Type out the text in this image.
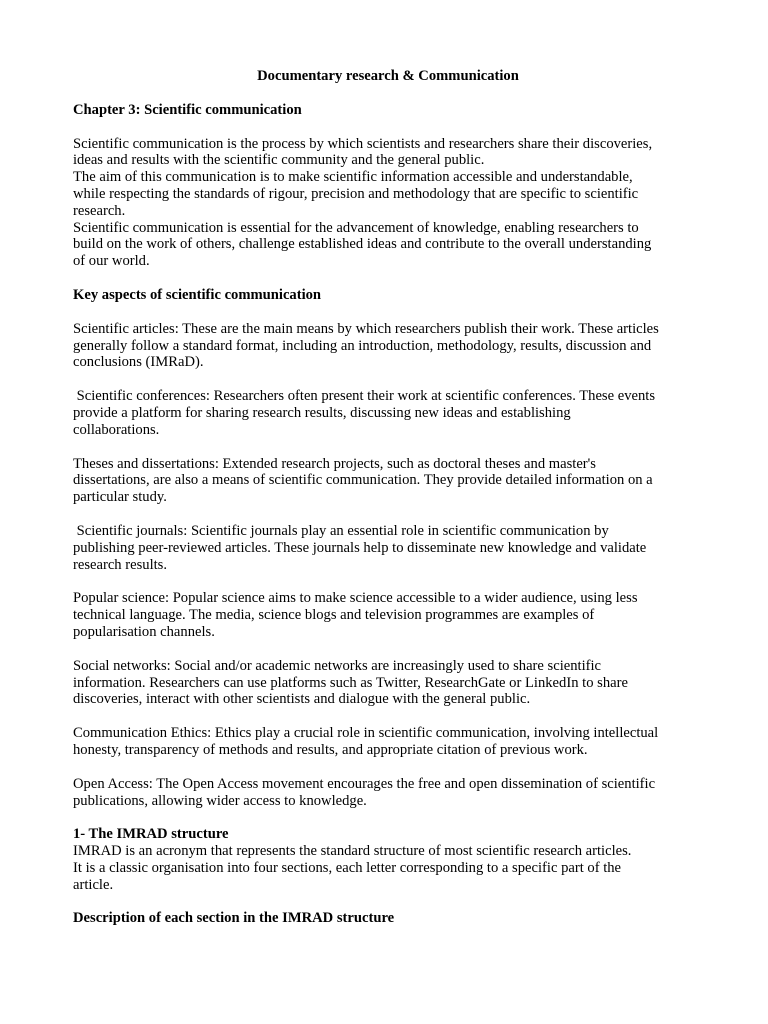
Documentary research & Communication
Chapter 3: Scientific communication
Scientific communication is the process by which scientists and researchers share their discoveries,
ideas and results with the scientific community and the general public.
The aim of this communication is to make scientific information accessible and understandable,
while respecting the standards of rigour, precision and methodology that are specific to scientific
research.
Scientific communication is essential for the advancement of knowledge, enabling researchers to
build on the work of others, challenge established ideas and contribute to the overall understanding
of our world.
Key aspects of scientific communication
Scientific articles: These are the main means by which researchers publish their work. These articles
generally follow a standard format, including an introduction, methodology, results, discussion and
conclusions (IMRaD).
Scientific conferences: Researchers often present their work at scientific conferences. These events
provide a platform for sharing research results, discussing new ideas and establishing
collaborations.
Theses and dissertations: Extended research projects, such as doctoral theses and master's
dissertations, are also a means of scientific communication. They provide detailed information on a
particular study.
Scientific journals: Scientific journals play an essential role in scientific communication by
publishing peer-reviewed articles. These journals help to disseminate new knowledge and validate
research results.
Popular science: Popular science aims to make science accessible to a wider audience, using less
technical language. The media, science blogs and television programmes are examples of
popularisation channels.
Social networks: Social and/or academic networks are increasingly used to share scientific
information. Researchers can use platforms such as Twitter, ResearchGate or LinkedIn to share
discoveries, interact with other scientists and dialogue with the general public.
Communication Ethics: Ethics play a crucial role in scientific communication, involving intellectual
honesty, transparency of methods and results, and appropriate citation of previous work.
Open Access: The Open Access movement encourages the free and open dissemination of scientific
publications, allowing wider access to knowledge.
1- The IMRAD structure
IMRAD is an acronym that represents the standard structure of most scientific research articles.
It is a classic organisation into four sections, each letter corresponding to a specific part of the
article.
Description of each section in the IMRAD structure
